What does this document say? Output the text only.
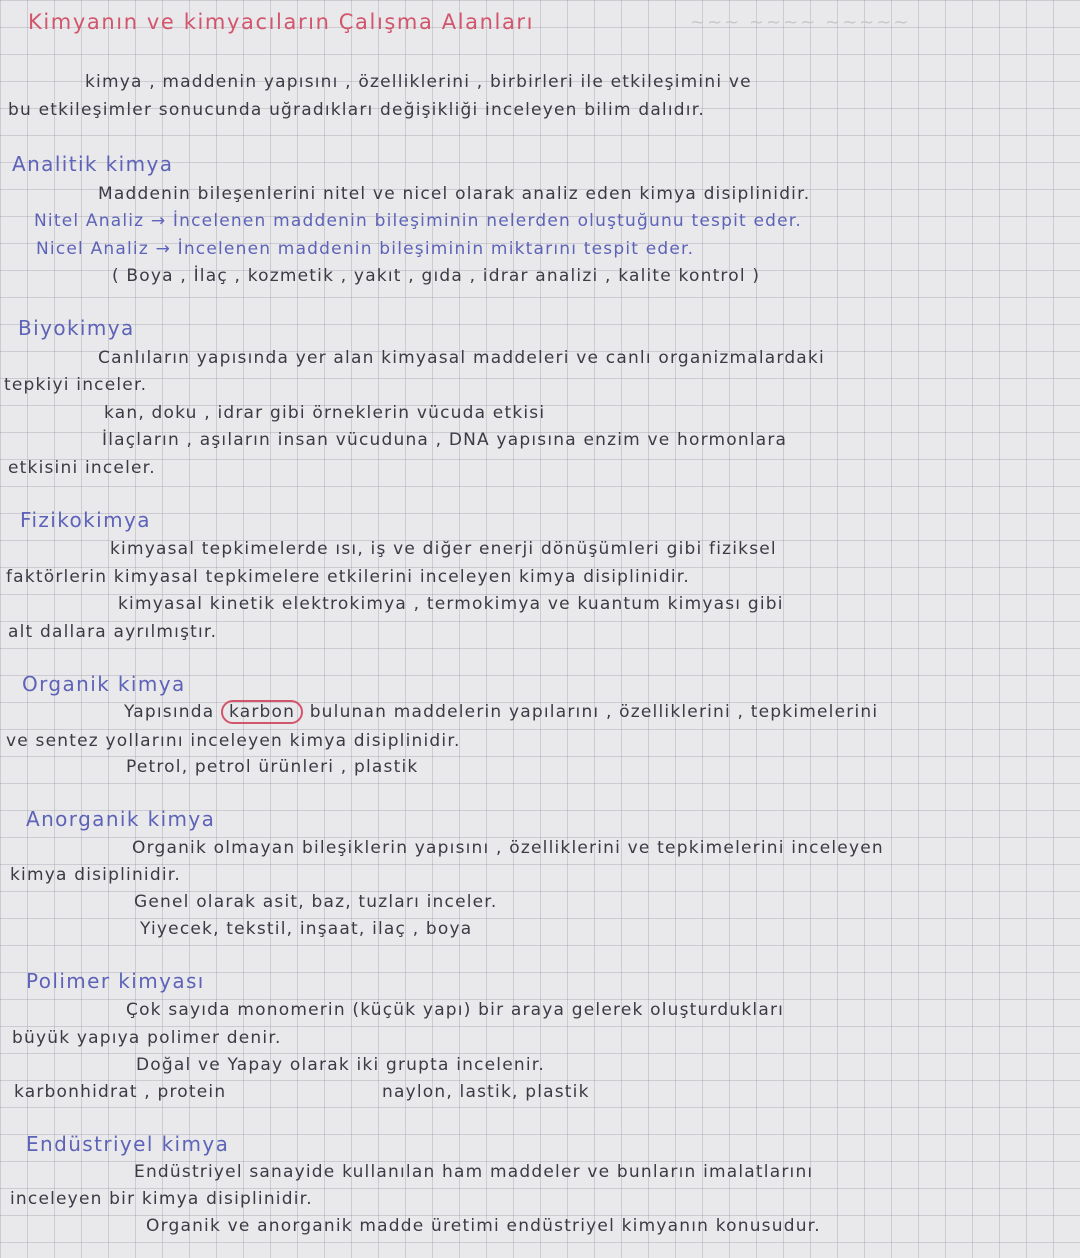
~~~ ~~~~ ~~~~~

Kimyanın ve kimyacıların Çalışma Alanları

kimya , maddenin yapısını , özelliklerini , birbirleri ile etkileşimini ve

bu etkileşimler sonucunda uğradıkları değişikliği inceleyen bilim dalıdır.

Analitik kimya

Maddenin bileşenlerini nitel ve nicel olarak analiz eden kimya disiplinidir.

Nitel Analiz → İncelenen maddenin bileşiminin nelerden oluştuğunu tespit eder.

Nicel Analiz → İncelenen maddenin bileşiminin miktarını tespit eder.

( Boya , İlaç , kozmetik , yakıt , gıda , idrar analizi , kalite kontrol )

Biyokimya

Canlıların yapısında yer alan kimyasal maddeleri ve canlı organizmalardaki

tepkiyi inceler.

kan, doku , idrar gibi örneklerin vücuda etkisi

İlaçların , aşıların insan vücuduna , DNA yapısına enzim ve hormonlara

etkisini inceler.

Fizikokimya

kimyasal tepkimelerde ısı, iş ve diğer enerji dönüşümleri gibi fiziksel

faktörlerin kimyasal tepkimelere etkilerini inceleyen kimya disiplinidir.

kimyasal kinetik elektrokimya , termokimya ve kuantum kimyası gibi

alt dallara ayrılmıştır.

Organik kimya

Yapısında karbon bulunan maddelerin yapılarını , özelliklerini , tepkimelerini

ve sentez yollarını inceleyen kimya disiplinidir.

Petrol, petrol ürünleri , plastik

Anorganik kimya

Organik olmayan bileşiklerin yapısını , özelliklerini ve tepkimelerini inceleyen

kimya disiplinidir.

Genel olarak asit, baz, tuzları inceler.

Yiyecek, tekstil, inşaat, ilaç , boya

Polimer kimyası

Çok sayıda monomerin (küçük yapı) bir araya gelerek oluşturdukları

büyük yapıya polimer denir.

Doğal ve Yapay olarak iki grupta incelenir.

karbonhidrat , protein	naylon, lastik, plastik

Endüstriyel kimya

Endüstriyel sanayide kullanılan ham maddeler ve bunların imalatlarını

inceleyen bir kimya disiplinidir.

Organik ve anorganik madde üretimi endüstriyel kimyanın konusudur.
